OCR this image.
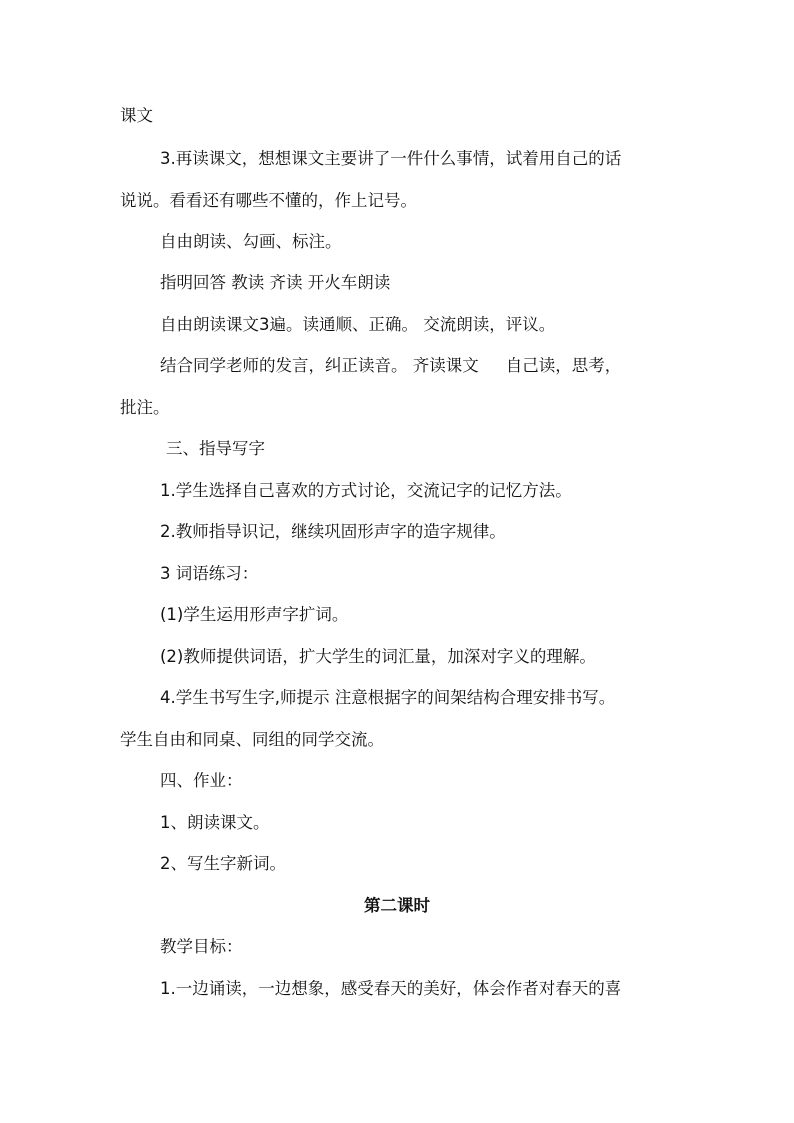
课文
3.再读课文，想想课文主要讲了一件什么事情，试着用自己的话
说说。看看还有哪些不懂的，作上记号。
自由朗读、勾画、标注。
指明回答 教读 齐读 开火车朗读
自由朗读课文3遍。读通顺、正确。 交流朗读，评议。
结合同学老师的发言，纠正读音。 齐读课文 　 自己读，思考，
批注。
三、指导写字
1.学生选择自己喜欢的方式讨论，交流记字的记忆方法。
2.教师指导识记，继续巩固形声字的造字规律。
3 词语练习：
(1)学生运用形声字扩词。
(2)教师提供词语，扩大学生的词汇量，加深对字义的理解。
4.学生书写生字,师提示 注意根据字的间架结构合理安排书写。
学生自由和同桌、同组的同学交流。
四、作业：
1、朗读课文。
2、写生字新词。
第二课时
教学目标：
1.一边诵读，一边想象，感受春天的美好，体会作者对春天的喜
